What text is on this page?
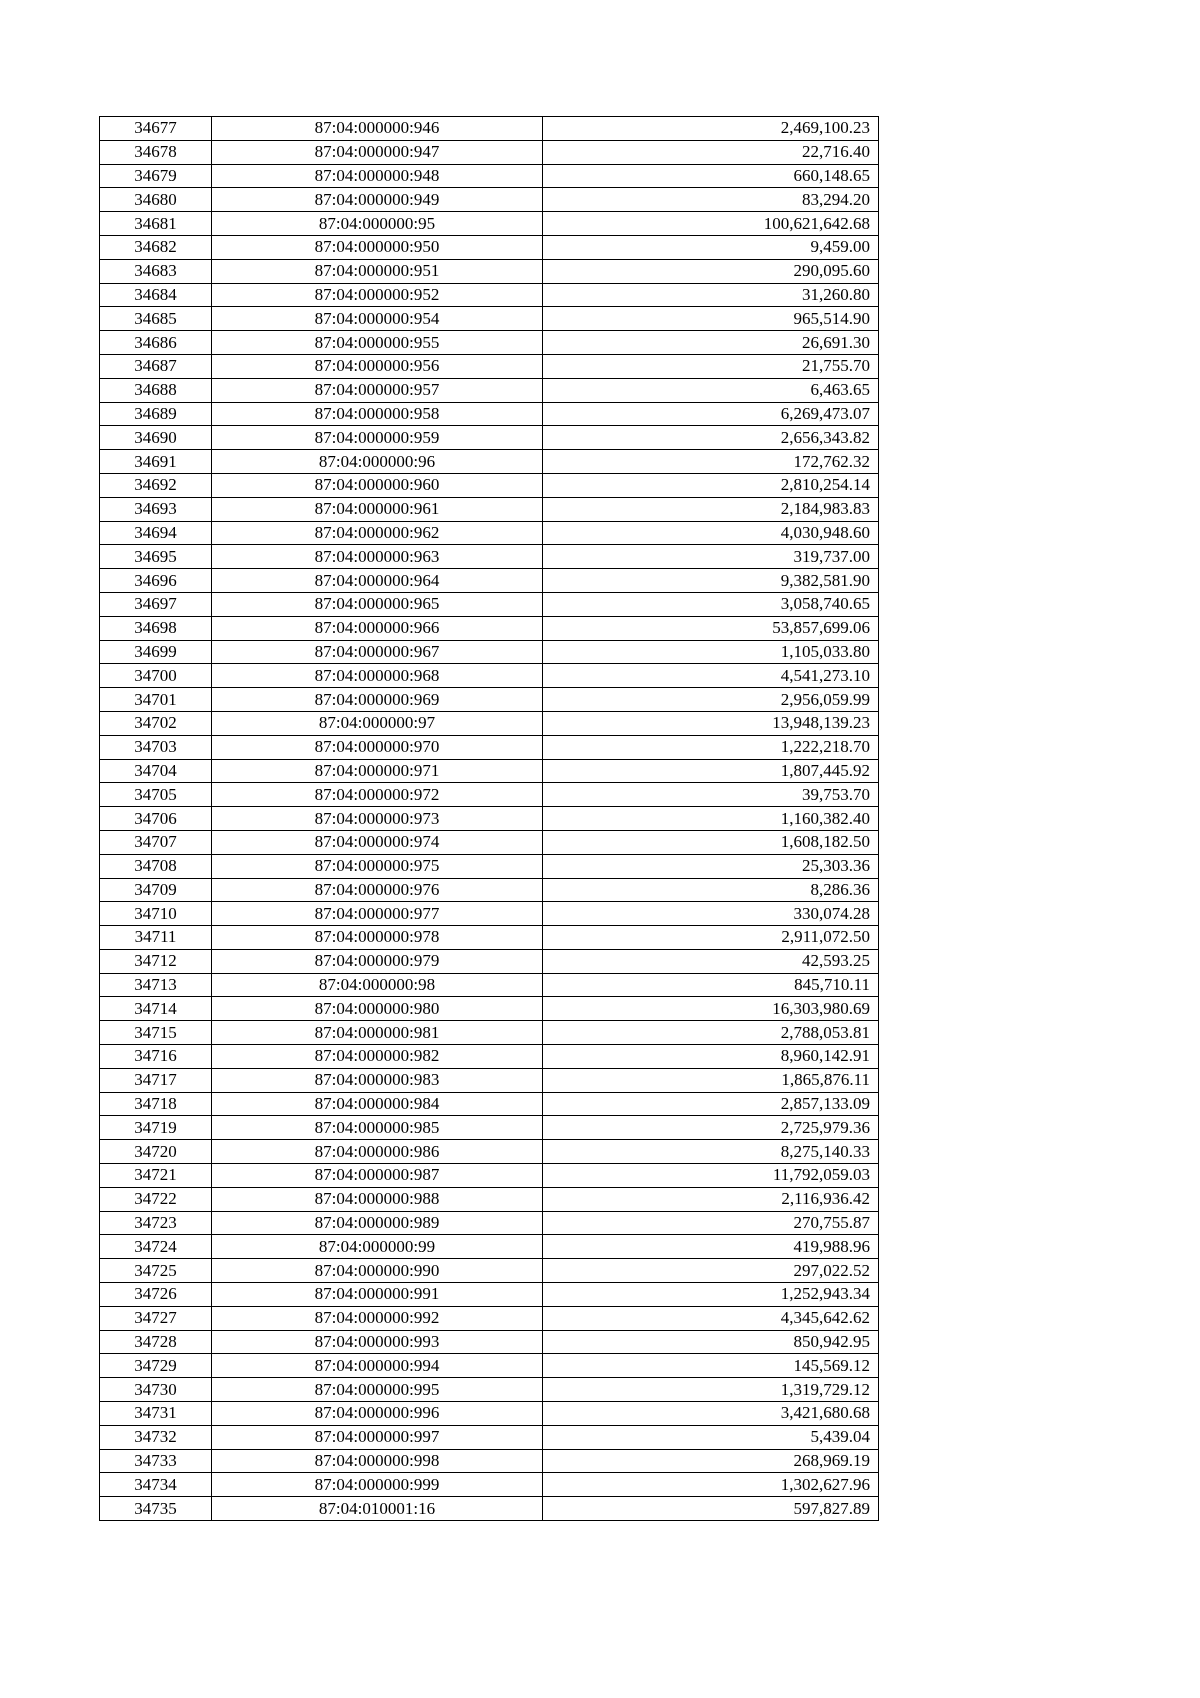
34677	87:04:000000:946	2,469,100.23
34678	87:04:000000:947	22,716.40
34679	87:04:000000:948	660,148.65
34680	87:04:000000:949	83,294.20
34681	87:04:000000:95	100,621,642.68
34682	87:04:000000:950	9,459.00
34683	87:04:000000:951	290,095.60
34684	87:04:000000:952	31,260.80
34685	87:04:000000:954	965,514.90
34686	87:04:000000:955	26,691.30
34687	87:04:000000:956	21,755.70
34688	87:04:000000:957	6,463.65
34689	87:04:000000:958	6,269,473.07
34690	87:04:000000:959	2,656,343.82
34691	87:04:000000:96	172,762.32
34692	87:04:000000:960	2,810,254.14
34693	87:04:000000:961	2,184,983.83
34694	87:04:000000:962	4,030,948.60
34695	87:04:000000:963	319,737.00
34696	87:04:000000:964	9,382,581.90
34697	87:04:000000:965	3,058,740.65
34698	87:04:000000:966	53,857,699.06
34699	87:04:000000:967	1,105,033.80
34700	87:04:000000:968	4,541,273.10
34701	87:04:000000:969	2,956,059.99
34702	87:04:000000:97	13,948,139.23
34703	87:04:000000:970	1,222,218.70
34704	87:04:000000:971	1,807,445.92
34705	87:04:000000:972	39,753.70
34706	87:04:000000:973	1,160,382.40
34707	87:04:000000:974	1,608,182.50
34708	87:04:000000:975	25,303.36
34709	87:04:000000:976	8,286.36
34710	87:04:000000:977	330,074.28
34711	87:04:000000:978	2,911,072.50
34712	87:04:000000:979	42,593.25
34713	87:04:000000:98	845,710.11
34714	87:04:000000:980	16,303,980.69
34715	87:04:000000:981	2,788,053.81
34716	87:04:000000:982	8,960,142.91
34717	87:04:000000:983	1,865,876.11
34718	87:04:000000:984	2,857,133.09
34719	87:04:000000:985	2,725,979.36
34720	87:04:000000:986	8,275,140.33
34721	87:04:000000:987	11,792,059.03
34722	87:04:000000:988	2,116,936.42
34723	87:04:000000:989	270,755.87
34724	87:04:000000:99	419,988.96
34725	87:04:000000:990	297,022.52
34726	87:04:000000:991	1,252,943.34
34727	87:04:000000:992	4,345,642.62
34728	87:04:000000:993	850,942.95
34729	87:04:000000:994	145,569.12
34730	87:04:000000:995	1,319,729.12
34731	87:04:000000:996	3,421,680.68
34732	87:04:000000:997	5,439.04
34733	87:04:000000:998	268,969.19
34734	87:04:000000:999	1,302,627.96
34735	87:04:010001:16	597,827.89
